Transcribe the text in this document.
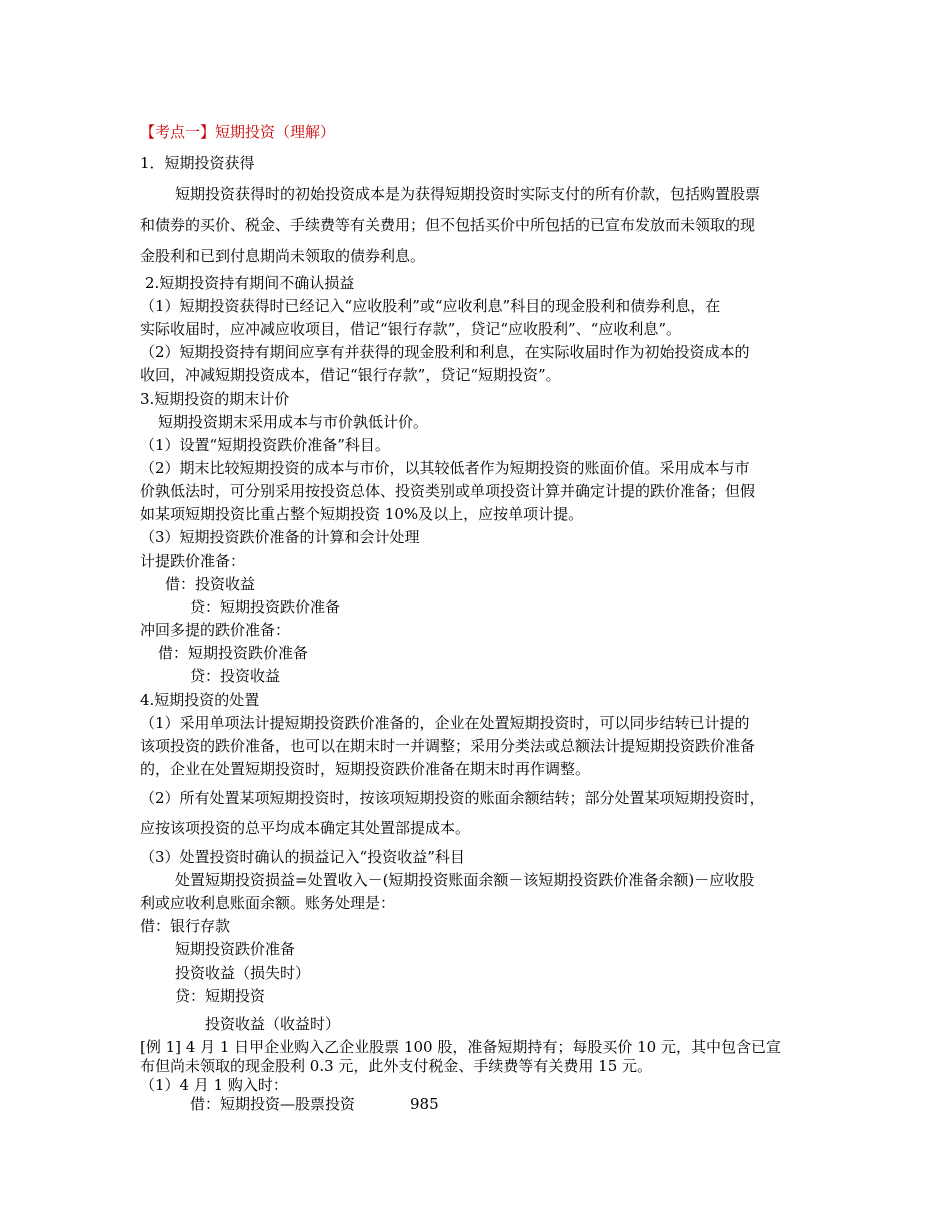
【考点一】短期投资（理解）
1．短期投资获得
短期投资获得时的初始投资成本是为获得短期投资时实际支付的所有价款，包括购置股票
和债券的买价、税金、手续费等有关费用；但不包括买价中所包括的已宣布发放而未领取的现
金股利和已到付息期尚未领取的债券利息。
2.短期投资持有期间不确认损益
（1）短期投资获得时已经记入“应收股利”或“应收利息”科目的现金股利和债券利息，在
实际收届时，应冲减应收项目，借记“银行存款”，贷记“应收股利”、“应收利息”。
（2）短期投资持有期间应享有并获得的现金股利和利息，在实际收届时作为初始投资成本的
收回，冲减短期投资成本，借记“银行存款”，贷记“短期投资”。
3.短期投资的期末计价
短期投资期末采用成本与市价孰低计价。
（1）设置“短期投资跌价准备”科目。
（2）期末比较短期投资的成本与市价，以其较低者作为短期投资的账面价值。采用成本与市
价孰低法时，可分别采用按投资总体、投资类别或单项投资计算并确定计提的跌价准备；但假
如某项短期投资比重占整个短期投资 10%及以上，应按单项计提。
（3）短期投资跌价准备的计算和会计处理
计提跌价准备：
借：投资收益
贷：短期投资跌价准备
冲回多提的跌价准备：
借：短期投资跌价准备
贷：投资收益
4.短期投资的处置
（1）采用单项法计提短期投资跌价准备的，企业在处置短期投资时，可以同步结转已计提的
该项投资的跌价准备，也可以在期末时一并调整；采用分类法或总额法计提短期投资跌价准备
的，企业在处置短期投资时，短期投资跌价准备在期末时再作调整。
（2）所有处置某项短期投资时，按该项短期投资的账面余额结转；部分处置某项短期投资时，
应按该项投资的总平均成本确定其处置部提成本。
（3）处置投资时确认的损益记入“投资收益”科目
处置短期投资损益=处置收入－(短期投资账面余额－该短期投资跌价准备余额)－应收股
利或应收利息账面余额。账务处理是：
借：银行存款
短期投资跌价准备
投资收益（损失时）
贷：短期投资
投资收益（收益时）
[例 1] 4 月 1 日甲企业购入乙企业股票 100 股，准备短期持有；每股买价 10 元，其中包含已宣
布但尚未领取的现金股利 0.3 元，此外支付税金、手续费等有关费用 15 元。
（1）4 月 1 购入时：
借：短期投资—股票投资	985
